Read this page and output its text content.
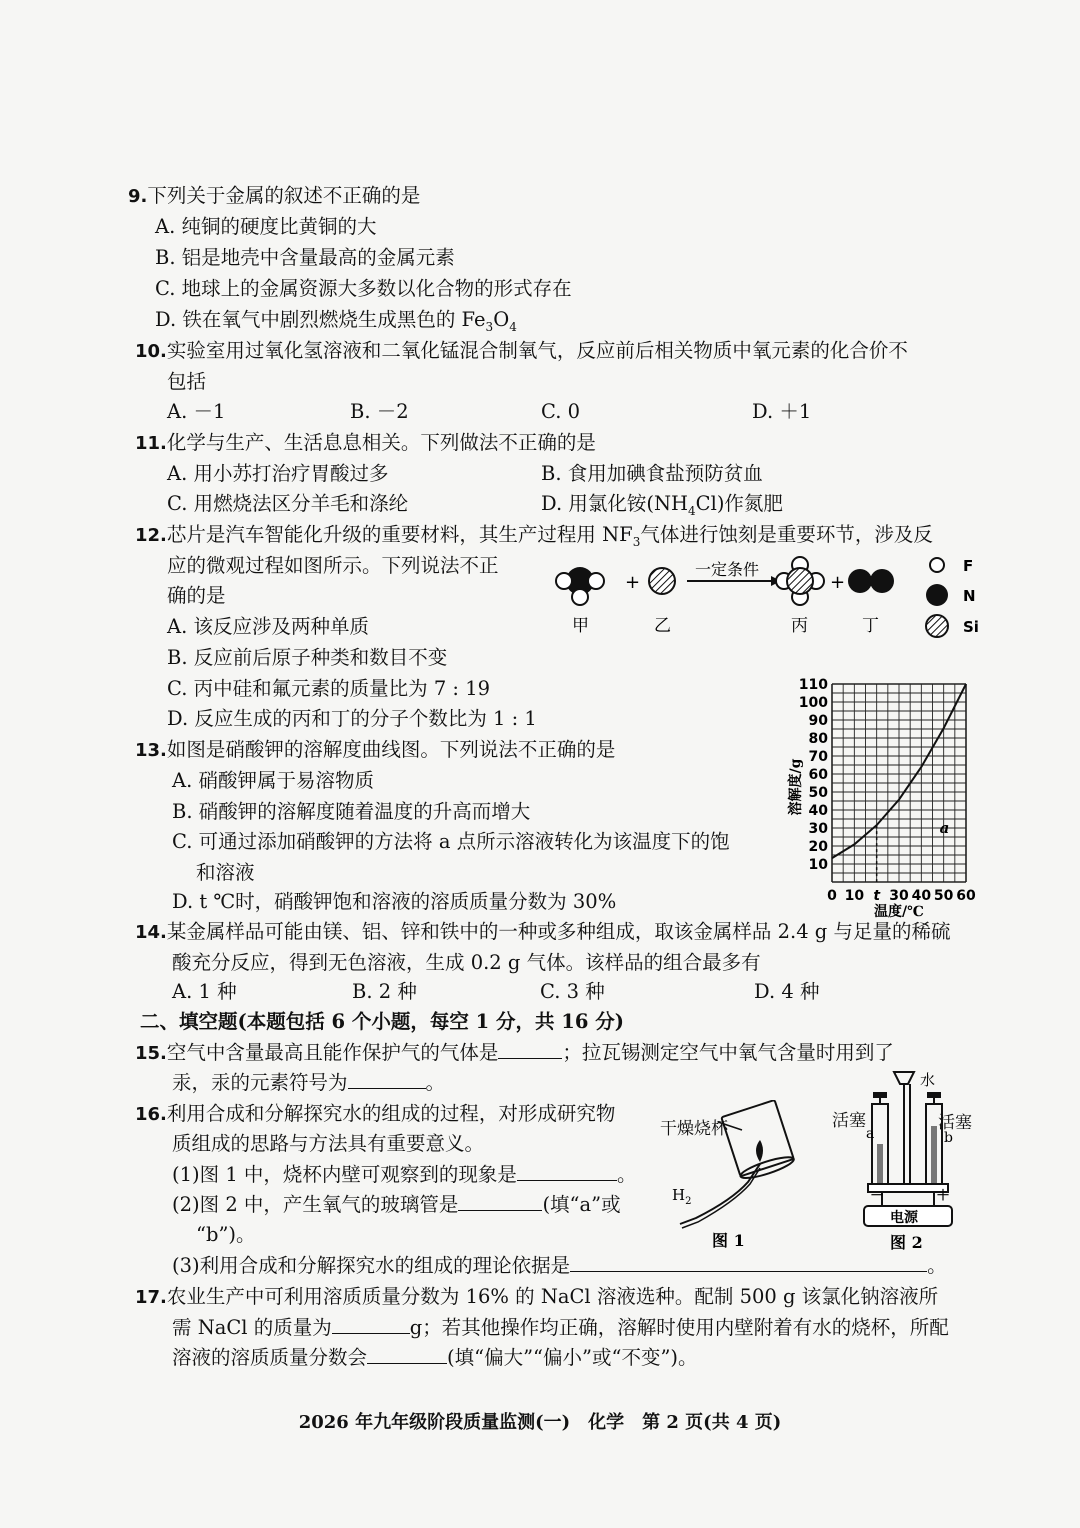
9.下列关于金属的叙述不正确的是
A. 纯铜的硬度比黄铜的大
B. 铝是地壳中含量最高的金属元素
C. 地球上的金属资源大多数以化合物的形式存在
D. 铁在氧气中剧烈燃烧生成黑色的 $Fe_3O_4$
10.实验室用过氧化氢溶液和二氧化锰混合制氧气，反应前后相关物质中氧元素的化合价不
包括
A. －1	B. －2	C. 0	D. ＋1
11.化学与生产、生活息息相关。下列做法不正确的是
A. 用小苏打治疗胃酸过多	B. 食用加碘食盐预防贫血
C. 用燃烧法区分羊毛和涤纶	D. 用氯化铵$(NH_4Cl)$作氮肥
12.芯片是汽车智能化升级的重要材料，其生产过程用 $NF_3$气体进行蚀刻是重要环节，涉及反
应的微观过程如图所示。下列说法不正
确的是
A. 该反应涉及两种单质
B. 反应前后原子种类和数目不变
C. 丙中硅和氟元素的质量比为 7 : 19
D. 反应生成的丙和丁的分子个数比为 1 : 1
+
一定条件
+
甲	乙	丙	丁
F
N
Si
13.如图是硝酸钾的溶解度曲线图。下列说法不正确的是
A. 硝酸钾属于易溶物质
B. 硝酸钾的溶解度随着温度的升高而增大
C. 可通过添加硝酸钾的方法将 a 点所示溶液转化为该温度下的饱
和溶液
D. t ℃时，硝酸钾饱和溶液的溶质质量分数为 30%
10
20
30
40
50
60
70
80
90
100
110
0 10 t 30 40 50 60
溶解度/g
温度/℃
a
14.某金属样品可能由镁、铝、锌和铁中的一种或多种组成，取该金属样品 2.4 g 与足量的稀硫
酸充分反应，得到无色溶液，生成 0.2 g 气体。该样品的组合最多有
A. 1 种	B. 2 种	C. 3 种	D. 4 种
二、填空题(本题包括 6 个小题，每空 1 分，共 16 分)
15.空气中含量最高且能作保护气的气体是	；拉瓦锡测定空气中氧气含量时用到了
汞，汞的元素符号为	。
16.利用合成和分解探究水的组成的过程，对形成研究物
质组成的思路与方法具有重要意义。
(1)图 1 中，烧杯内壁可观察到的现象是	。
(2)图 2 中，产生氧气的玻璃管是	(填“a”或
“b”)。
(3)利用合成和分解探究水的组成的理论依据是	。
$H_2$
图 1
干燥烧杯
电源
－	＋
水
a	b
图 2
活塞	活塞
17.农业生产中可利用溶质质量分数为 16% 的 NaCl 溶液选种。配制 500 g 该氯化钠溶液所
需 NaCl 的质量为	g；若其他操作均正确，溶解时使用内壁附着有水的烧杯，所配
溶液的溶质质量分数会	(填“偏大”“偏小”或“不变”)。
2026 年九年级阶段质量监测(一)　化学　第 2 页(共 4 页)
